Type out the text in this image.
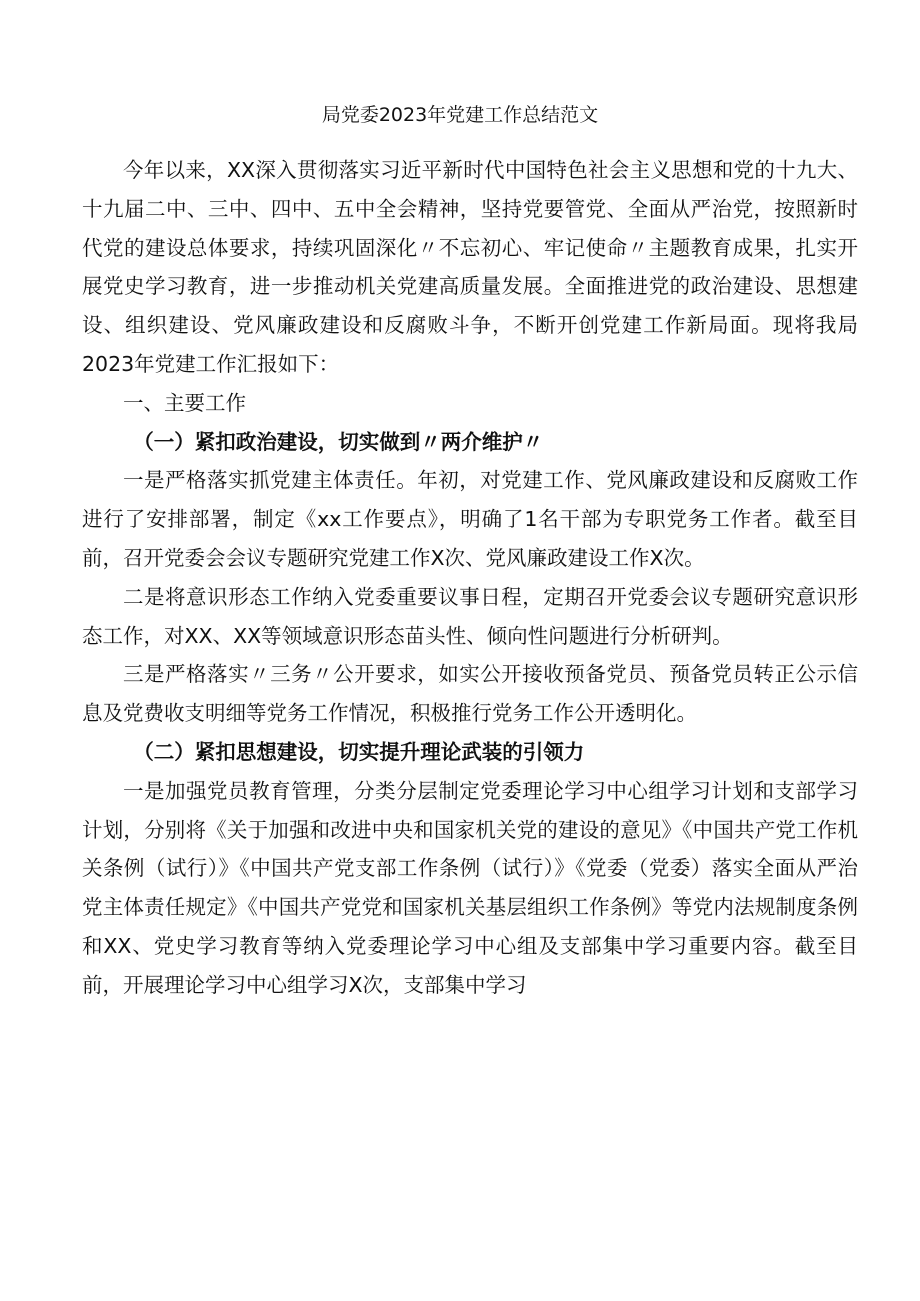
局党委2023年党建工作总结范文

今年以来，XX深入贯彻落实习近平新时代中国特色社会主义思想和党的十九大、十九届二中、三中、四中、五中全会精神，坚持党要管党、全面从严治党，按照新时代党的建设总体要求，持续巩固深化〃不忘初心、牢记使命〃主题教育成果，扎实开展党史学习教育，进一步推动机关党建高质量发展。全面推进党的政治建设、思想建设、组织建设、党风廉政建设和反腐败斗争，不断开创党建工作新局面。现将我局2023年党建工作汇报如下：

一、主要工作

（一）紧扣政治建设，切实做到〃两介维护〃

一是严格落实抓党建主体责任。年初，对党建工作、党风廉政建设和反腐败工作进行了安排部署，制定《xx工作要点》，明确了1名干部为专职党务工作者。截至目前，召开党委会会议专题研究党建工作X次、党风廉政建设工作X次。

二是将意识形态工作纳入党委重要议事日程，定期召开党委会议专题研究意识形态工作，对XX、XX等领域意识形态苗头性、倾向性问题进行分析研判。

三是严格落实〃三务〃公开要求，如实公开接收预备党员、预备党员转正公示信息及党费收支明细等党务工作情况，积极推行党务工作公开透明化。

（二）紧扣思想建设，切实提升理论武装的引领力

一是加强党员教育管理，分类分层制定党委理论学习中心组学习计划和支部学习计划，分别将《关于加强和改进中央和国家机关党的建设的意见》《中国共产党工作机关条例（试行）》《中国共产党支部工作条例（试行）》《党委（党委）落实全面从严治党主体责任规定》《中国共产党党和国家机关基层组织工作条例》等党内法规制度条例和XX、党史学习教育等纳入党委理论学习中心组及支部集中学习重要内容。截至目前，开展理论学习中心组学习X次，支部集中学习
